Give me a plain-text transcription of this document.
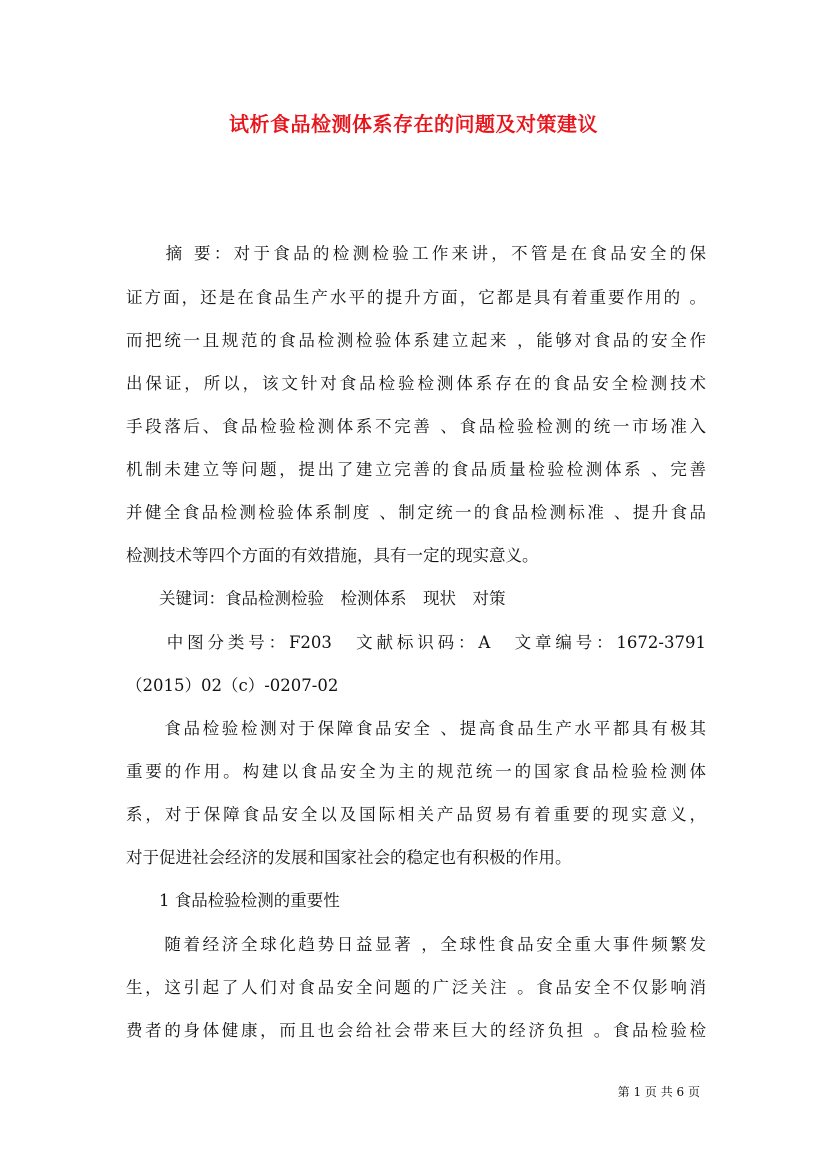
试析食品检测体系存在的问题及对策建议
　　摘 要：对于食品的检测检验工作来讲，不管是在食品安全的保
证方面，还是在食品生产水平的提升方面，它都是具有着重要作用的 。
而把统一且规范的食品检测检验体系建立起来 ，能够对食品的安全作
出保证，所以，该文针对食品检验检测体系存在的食品安全检测技术
手段落后、食品检验检测体系不完善 、食品检验检测的统一市场准入
机制未建立等问题，提出了建立完善的食品质量检验检测体系 、完善
并健全食品检测检验体系制度 、制定统一的食品检测标准 、提升食品
检测技术等四个方面的有效措施，具有一定的现实意义。
　　关键词：食品检测检验　检测体系　现状　对策
　　中图分类号：F203　文献标识码：A　文章编号：1672-3791
（2015）02（c）-0207-02
　　食品检验检测对于保障食品安全 、提高食品生产水平都具有极其
重要的作用。构建以食品安全为主的规范统一的国家食品检验检测体
系，对于保障食品安全以及国际相关产品贸易有着重要的现实意义，
对于促进社会经济的发展和国家社会的稳定也有积极的作用。
　　1 食品检验检测的重要性
　　随着经济全球化趋势日益显著 ，全球性食品安全重大事件频繁发
生，这引起了人们对食品安全问题的广泛关注 。食品安全不仅影响消
费者的身体健康，而且也会给社会带来巨大的经济负担 。食品检验检
第 1 页 共 6 页
